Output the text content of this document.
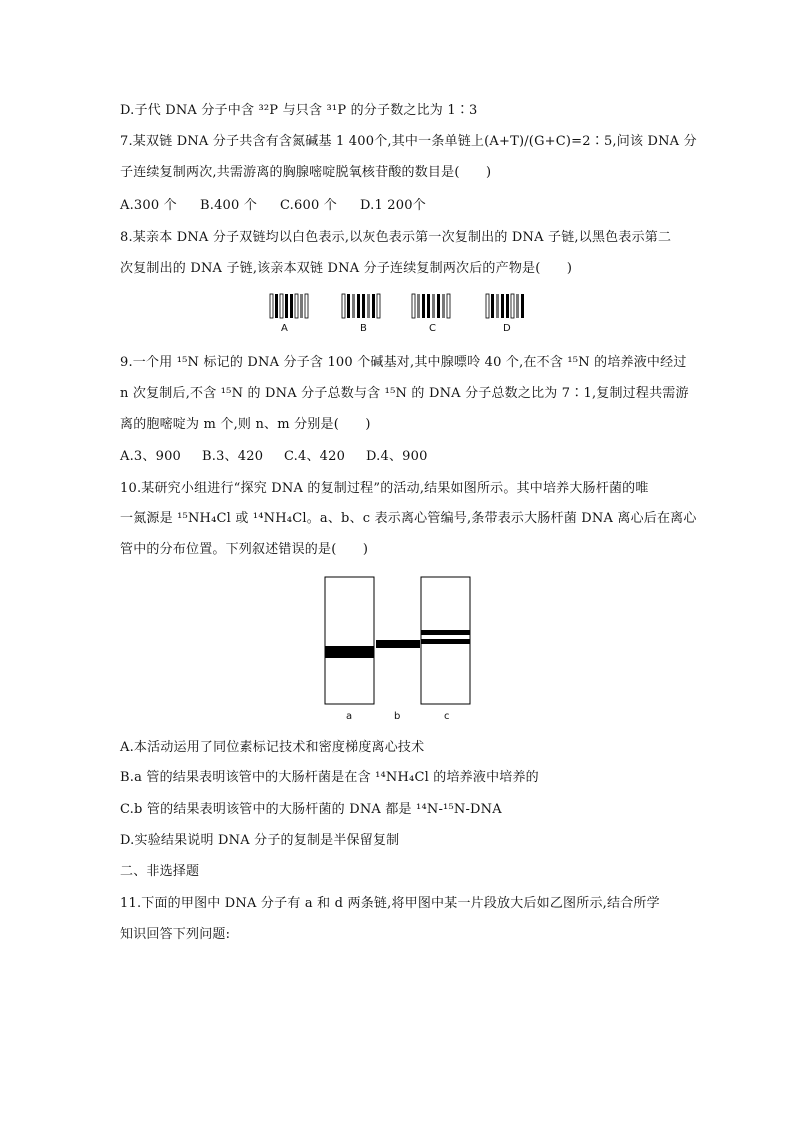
D.子代 DNA 分子中含 ³²P 与只含 ³¹P 的分子数之比为 1∶3
7.某双链 DNA 分子共含有含氮碱基 1 400个,其中一条单链上(A+T)/(G+C)=2∶5,问该 DNA 分
子连续复制两次,共需游离的胸腺嘧啶脱氧核苷酸的数目是(　　)
A.300 个 B.400 个 C.600 个 D.1 200个
8.某亲本 DNA 分子双链均以白色表示,以灰色表示第一次复制出的 DNA 子链,以黑色表示第二
次复制出的 DNA 子链,该亲本双链 DNA 分子连续复制两次后的产物是(　　)
A	B	C	D
9.一个用 ¹⁵N 标记的 DNA 分子含 100 个碱基对,其中腺嘌呤 40 个,在不含 ¹⁵N 的培养液中经过
n 次复制后,不含 ¹⁵N 的 DNA 分子总数与含 ¹⁵N 的 DNA 分子总数之比为 7∶1,复制过程共需游
离的胞嘧啶为 m 个,则 n、m 分别是(　　)
A.3、900 B.3、420 C.4、420 D.4、900
10.某研究小组进行“探究 DNA 的复制过程”的活动,结果如图所示。其中培养大肠杆菌的唯
一氮源是 ¹⁵NH₄Cl 或 ¹⁴NH₄Cl。a、b、c 表示离心管编号,条带表示大肠杆菌 DNA 离心后在离心
管中的分布位置。下列叙述错误的是(　　)
a	b	c
A.本活动运用了同位素标记技术和密度梯度离心技术
B.a 管的结果表明该管中的大肠杆菌是在含 ¹⁴NH₄Cl 的培养液中培养的
C.b 管的结果表明该管中的大肠杆菌的 DNA 都是 ¹⁴N-¹⁵N-DNA
D.实验结果说明 DNA 分子的复制是半保留复制
二、非选择题
11.下面的甲图中 DNA 分子有 a 和 d 两条链,将甲图中某一片段放大后如乙图所示,结合所学
知识回答下列问题:
